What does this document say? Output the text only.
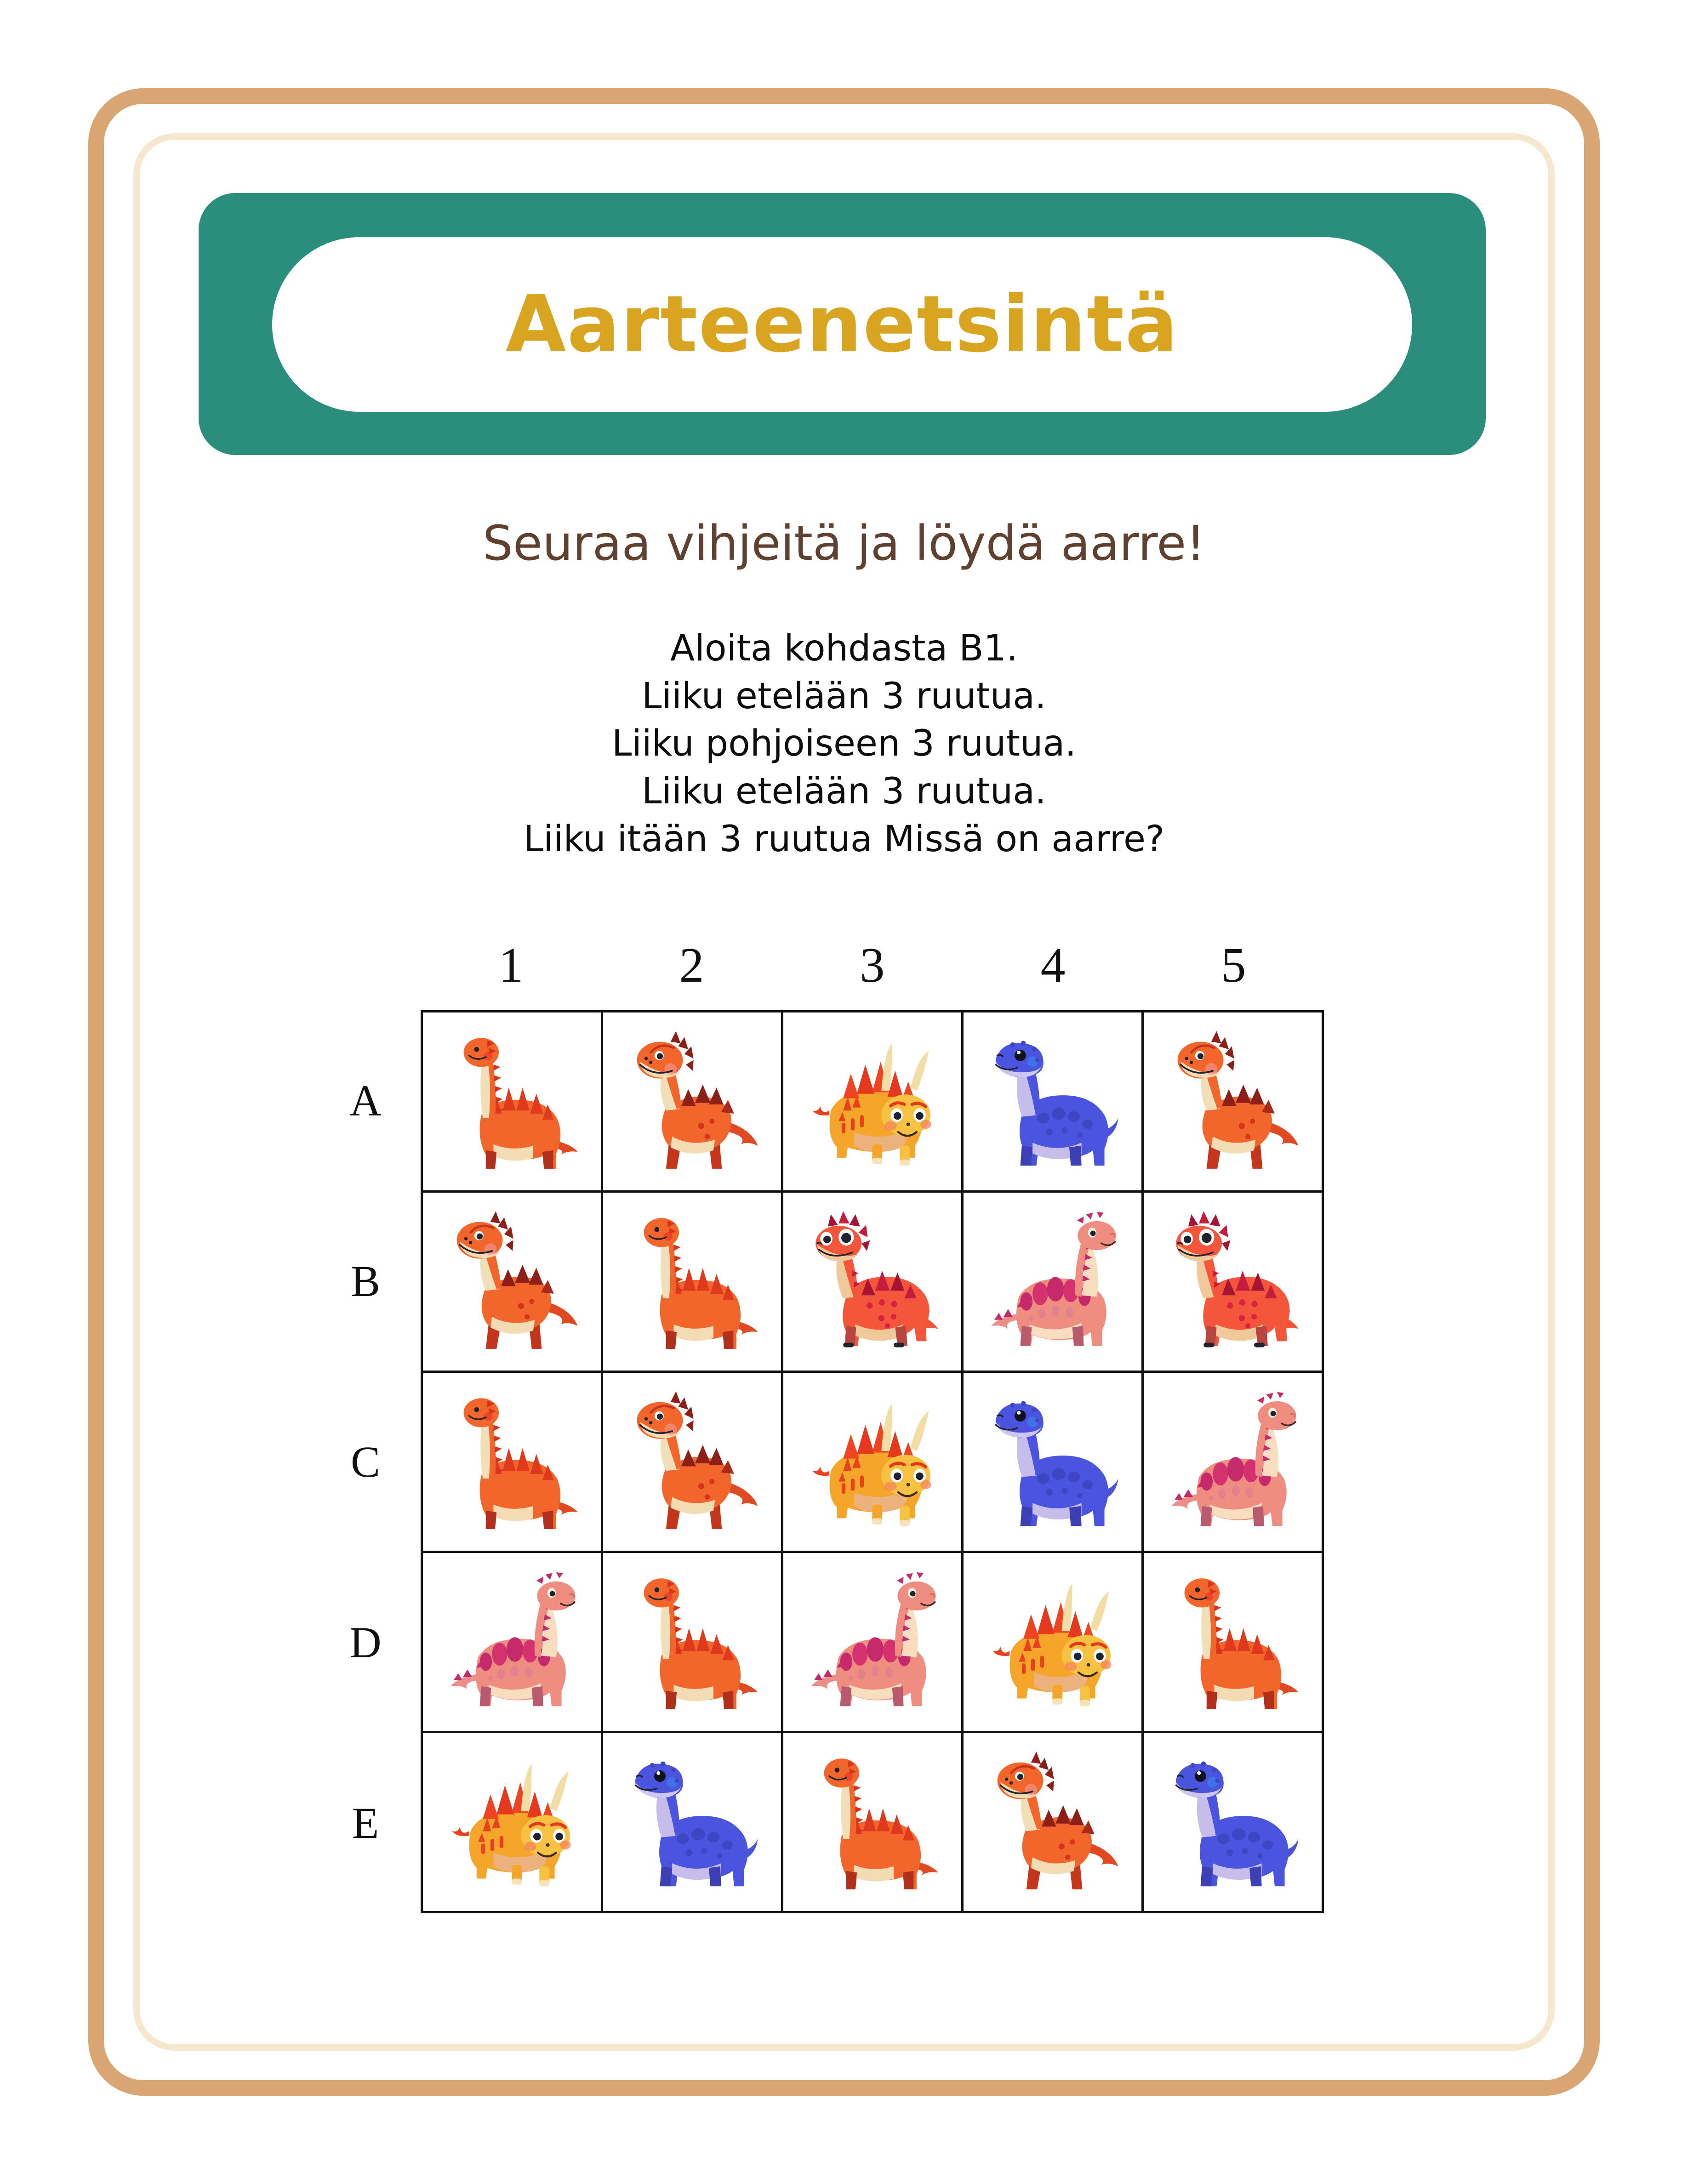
Aarteenetsintä
Seuraa vihjeitä ja löydä aarre!
Aloita kohdasta B1.
Liiku etelään 3 ruutua.
Liiku pohjoiseen 3 ruutua.
Liiku etelään 3 ruutua.
Liiku itään 3 ruutua Missä on aarre?
1	2	3	4	5
A
B
C
D
E
